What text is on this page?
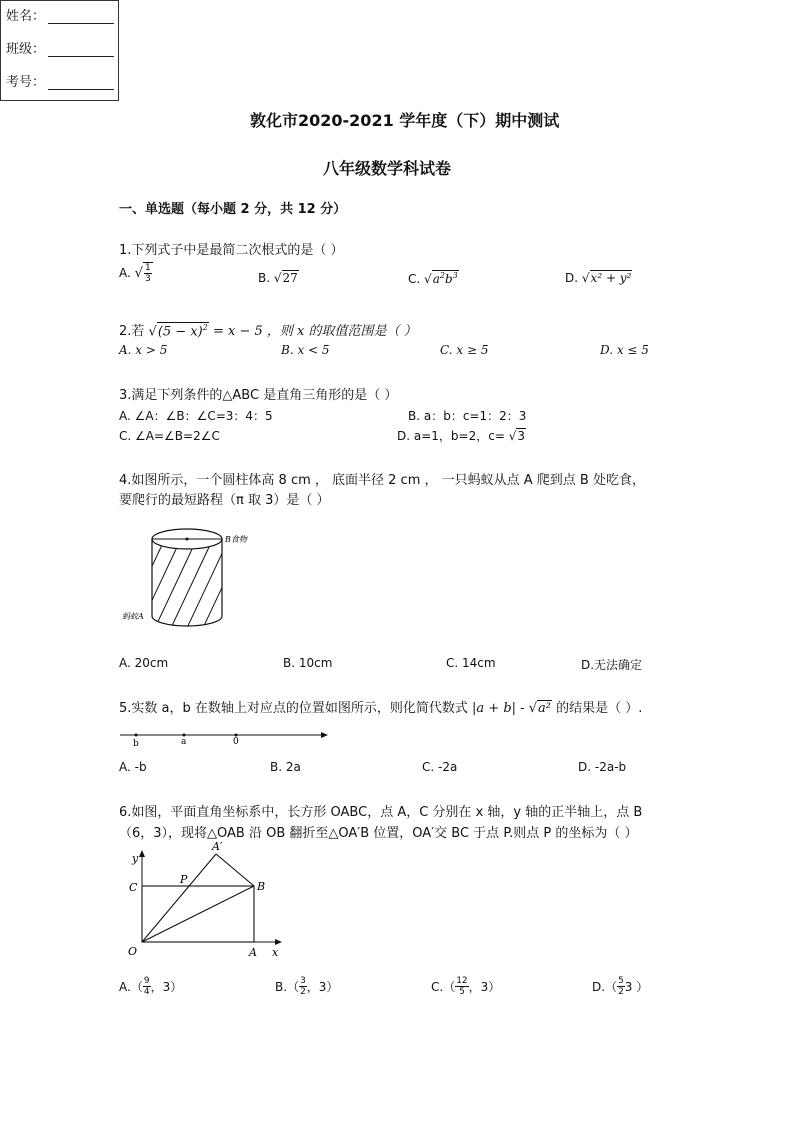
姓名：
班级：
考号：
敦化市2020-2021 学年度（下）期中测试
八年级数学科试卷
一、单选题（每小题 2 分，共 12 分）
1.下列式子中是最简二次根式的是（ ）
A. √ $\frac{1}{3}$	B. √27	C. $√a^2b^3$	D. √x² + y²
2.若 $√(5 - x)^2 = x - 5$ ，则 x 的取值范围是（ ）
A. x > 5	B. x < 5	C. x ≥ 5	D. x ≤ 5
3.满足下列条件的△ABC 是直角三角形的是（ ）
A. ∠A：∠B：∠C=3：4：5	B. a：b：c=1：2：3
C. ∠A=∠B=2∠C	D. a=1，b=2，c= √3
4.如图所示，一个圆柱体高 8 cm ， 底面半径 2 cm ， 一只蚂蚁从点 A 爬到点 B 处吃食，
要爬行的最短路程（π 取 3）是（ ）
B食物
蚂蚁A
A. 20cm	B. 10cm	C. 14cm	D.无法确定
5.实数 a，b 在数轴上对应点的位置如图所示，则化简代数式 |a + b| - √a² 的结果是（ ）.
b	a	0
A. -b	B. 2a	C. -2a	D. -2a-b
6.如图，平面直角坐标系中，长方形 OABC，点 A，C 分别在 x 轴，y 轴的正半轴上，点 B
（6，3），现将△OAB 沿 OB 翻折至△OA′B 位置，OA′交 BC 于点 P.则点 P 的坐标为（ ）
y
x
O	A
B
C
P
A′
$A.( \frac{9}{4}$ ，3）	$B.( \frac{3}{2}$ ，3）	$C.( \frac{12}{5}$ ，3）	$D.( \frac{5}{2} 3$ ）
